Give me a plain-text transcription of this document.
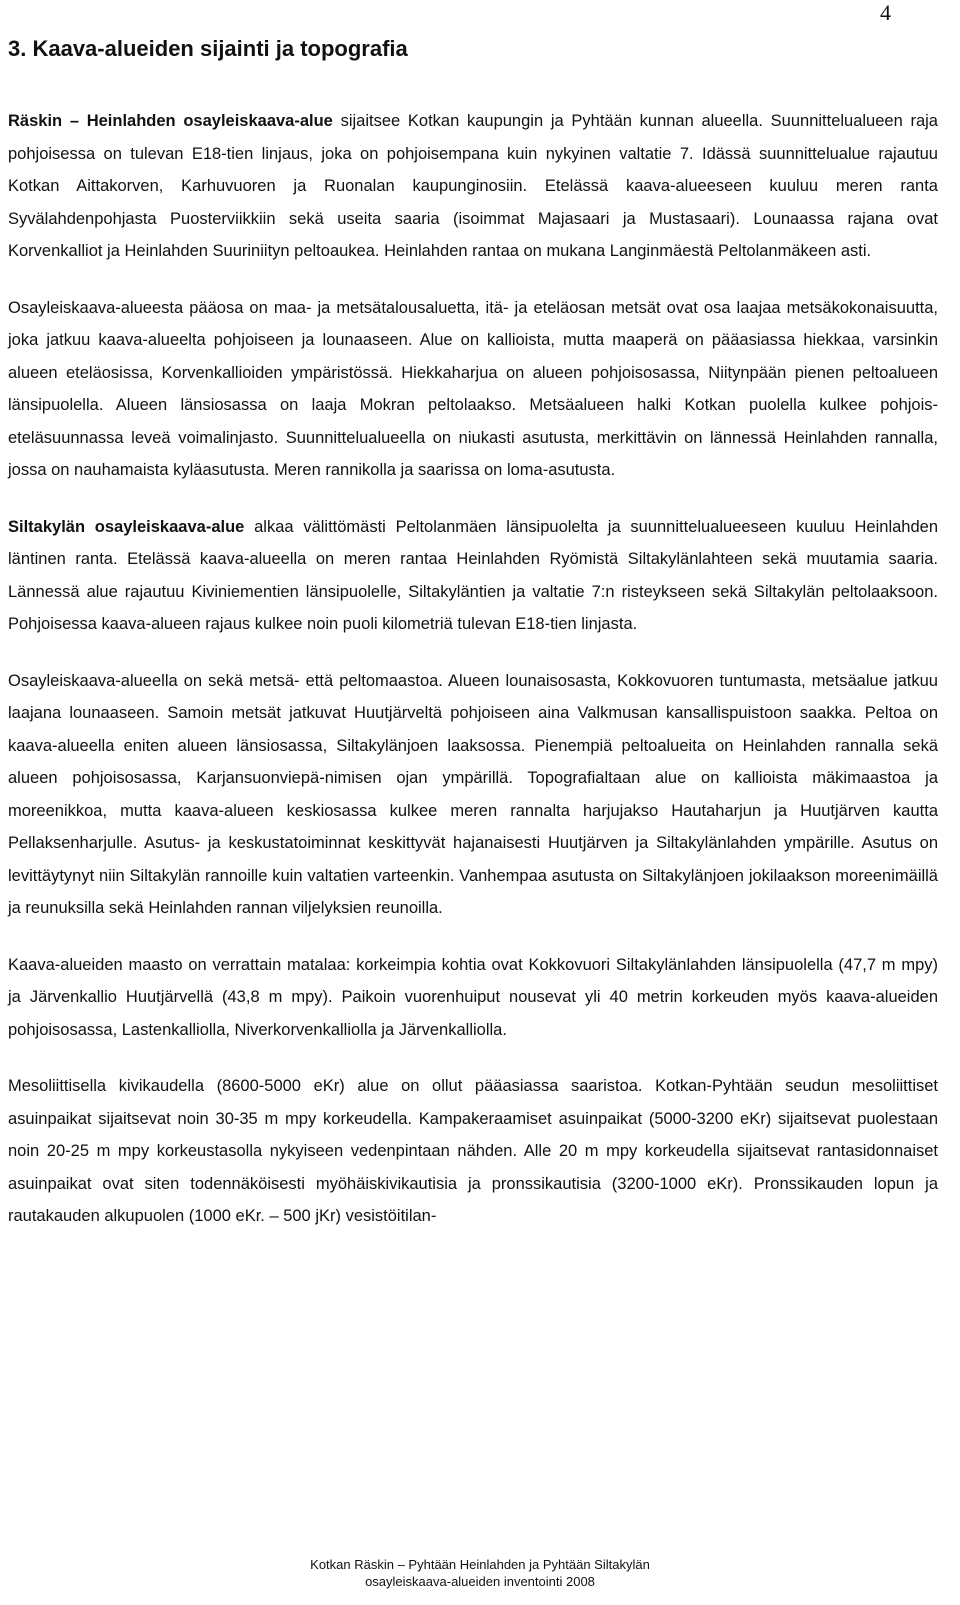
4
3. Kaava-alueiden sijainti ja topografia

Räskin – Heinlahden osayleiskaava-alue sijaitsee Kotkan kaupungin ja Pyhtään kunnan alueella. Suunnittelualueen raja pohjoisessa on tulevan E18-tien linjaus, joka on pohjoisempana kuin nykyinen valtatie 7. Idässä suunnittelualue rajautuu Kotkan Aittakorven, Karhuvuoren ja Ruonalan kaupunginosiin. Etelässä kaava-alueeseen kuuluu meren ranta Syvälahdenpohjasta Puosterviikkiin sekä useita saaria (isoimmat Majasaari ja Mustasaari). Lounaassa rajana ovat Korvenkalliot ja Heinlahden Suuriniityn peltoaukea. Heinlahden rantaa on mukana Langinmäestä Peltolanmäkeen asti.

Osayleiskaava-alueesta pääosa on maa- ja metsätalousaluetta, itä- ja eteläosan metsät ovat osa laajaa metsäkokonaisuutta, joka jatkuu kaava-alueelta pohjoiseen ja lounaaseen. Alue on kallioista, mutta maaperä on pääasiassa hiekkaa, varsinkin alueen eteläosissa, Korvenkallioiden ympäristössä. Hiekkaharjua on alueen pohjoisosassa, Niitynpään pienen peltoalueen länsipuolella. Alueen länsiosassa on laaja Mokran peltolaakso. Metsäalueen halki Kotkan puolella kulkee pohjois-eteläsuunnassa leveä voimalinjasto. Suunnittelualueella on niukasti asutusta, merkittävin on lännessä Heinlahden rannalla, jossa on nauhamaista kyläasutusta. Meren rannikolla ja saarissa on loma-asutusta.

Siltakylän osayleiskaava-alue alkaa välittömästi Peltolanmäen länsipuolelta ja suunnittelualueeseen kuuluu Heinlahden läntinen ranta. Etelässä kaava-alueella on meren rantaa Heinlahden Ryömistä Siltakylänlahteen sekä muutamia saaria. Lännessä alue rajautuu Kiviniementien länsipuolelle, Siltakyläntien ja valtatie 7:n risteykseen sekä Siltakylän peltolaaksoon. Pohjoisessa kaava-alueen rajaus kulkee noin puoli kilometriä tulevan E18-tien linjasta.

Osayleiskaava-alueella on sekä metsä- että peltomaastoa. Alueen lounaisosasta, Kokkovuoren tuntumasta, metsäalue jatkuu laajana lounaaseen. Samoin metsät jatkuvat Huutjärveltä pohjoiseen aina Valkmusan kansallispuistoon saakka. Peltoa on kaava-alueella eniten alueen länsiosassa, Siltakylänjoen laaksossa. Pienempiä peltoalueita on Heinlahden rannalla sekä alueen pohjoisosassa, Karjansuonviepä-nimisen ojan ympärillä. Topografialtaan alue on kallioista mäkimaastoa ja moreenikkoa, mutta kaava-alueen keskiosassa kulkee meren rannalta harjujakso Hautaharjun ja Huutjärven kautta Pellaksenharjulle. Asutus- ja keskustatoiminnat keskittyvät hajanaisesti Huutjärven ja Siltakylänlahden ympärille. Asutus on levittäytynyt niin Siltakylän rannoille kuin valtatien varteenkin. Vanhempaa asutusta on Siltakylänjoen jokilaakson moreenimäillä ja reunuksilla sekä Heinlahden rannan viljelyksien reunoilla.

Kaava-alueiden maasto on verrattain matalaa: korkeimpia kohtia ovat Kokkovuori Siltakylänlahden länsipuolella (47,7 m mpy) ja Järvenkallio Huutjärvellä (43,8 m mpy). Paikoin vuorenhuiput nousevat yli 40 metrin korkeuden myös kaava-alueiden pohjoisosassa, Lastenkalliolla, Niverkorvenkalliolla ja Järvenkalliolla.

Mesoliittisella kivikaudella (8600-5000 eKr) alue on ollut pääasiassa saaristoa. Kotkan-Pyhtään seudun mesoliittiset asuinpaikat sijaitsevat noin 30-35 m mpy korkeudella. Kampakeraamiset asuinpaikat (5000-3200 eKr) sijaitsevat puolestaan noin 20-25 m mpy korkeustasolla nykyiseen vedenpintaan nähden. Alle 20 m mpy korkeudella sijaitsevat rantasidonnaiset asuinpaikat ovat siten todennäköisesti myöhäiskivikautisia ja pronssikautisia (3200-1000 eKr). Pronssikauden lopun ja rautakauden alkupuolen (1000 eKr. – 500 jKr) vesistöitilan-

Kotkan Räskin – Pyhtään Heinlahden ja Pyhtään Siltakylän
osayleiskaava-alueiden inventointi 2008
